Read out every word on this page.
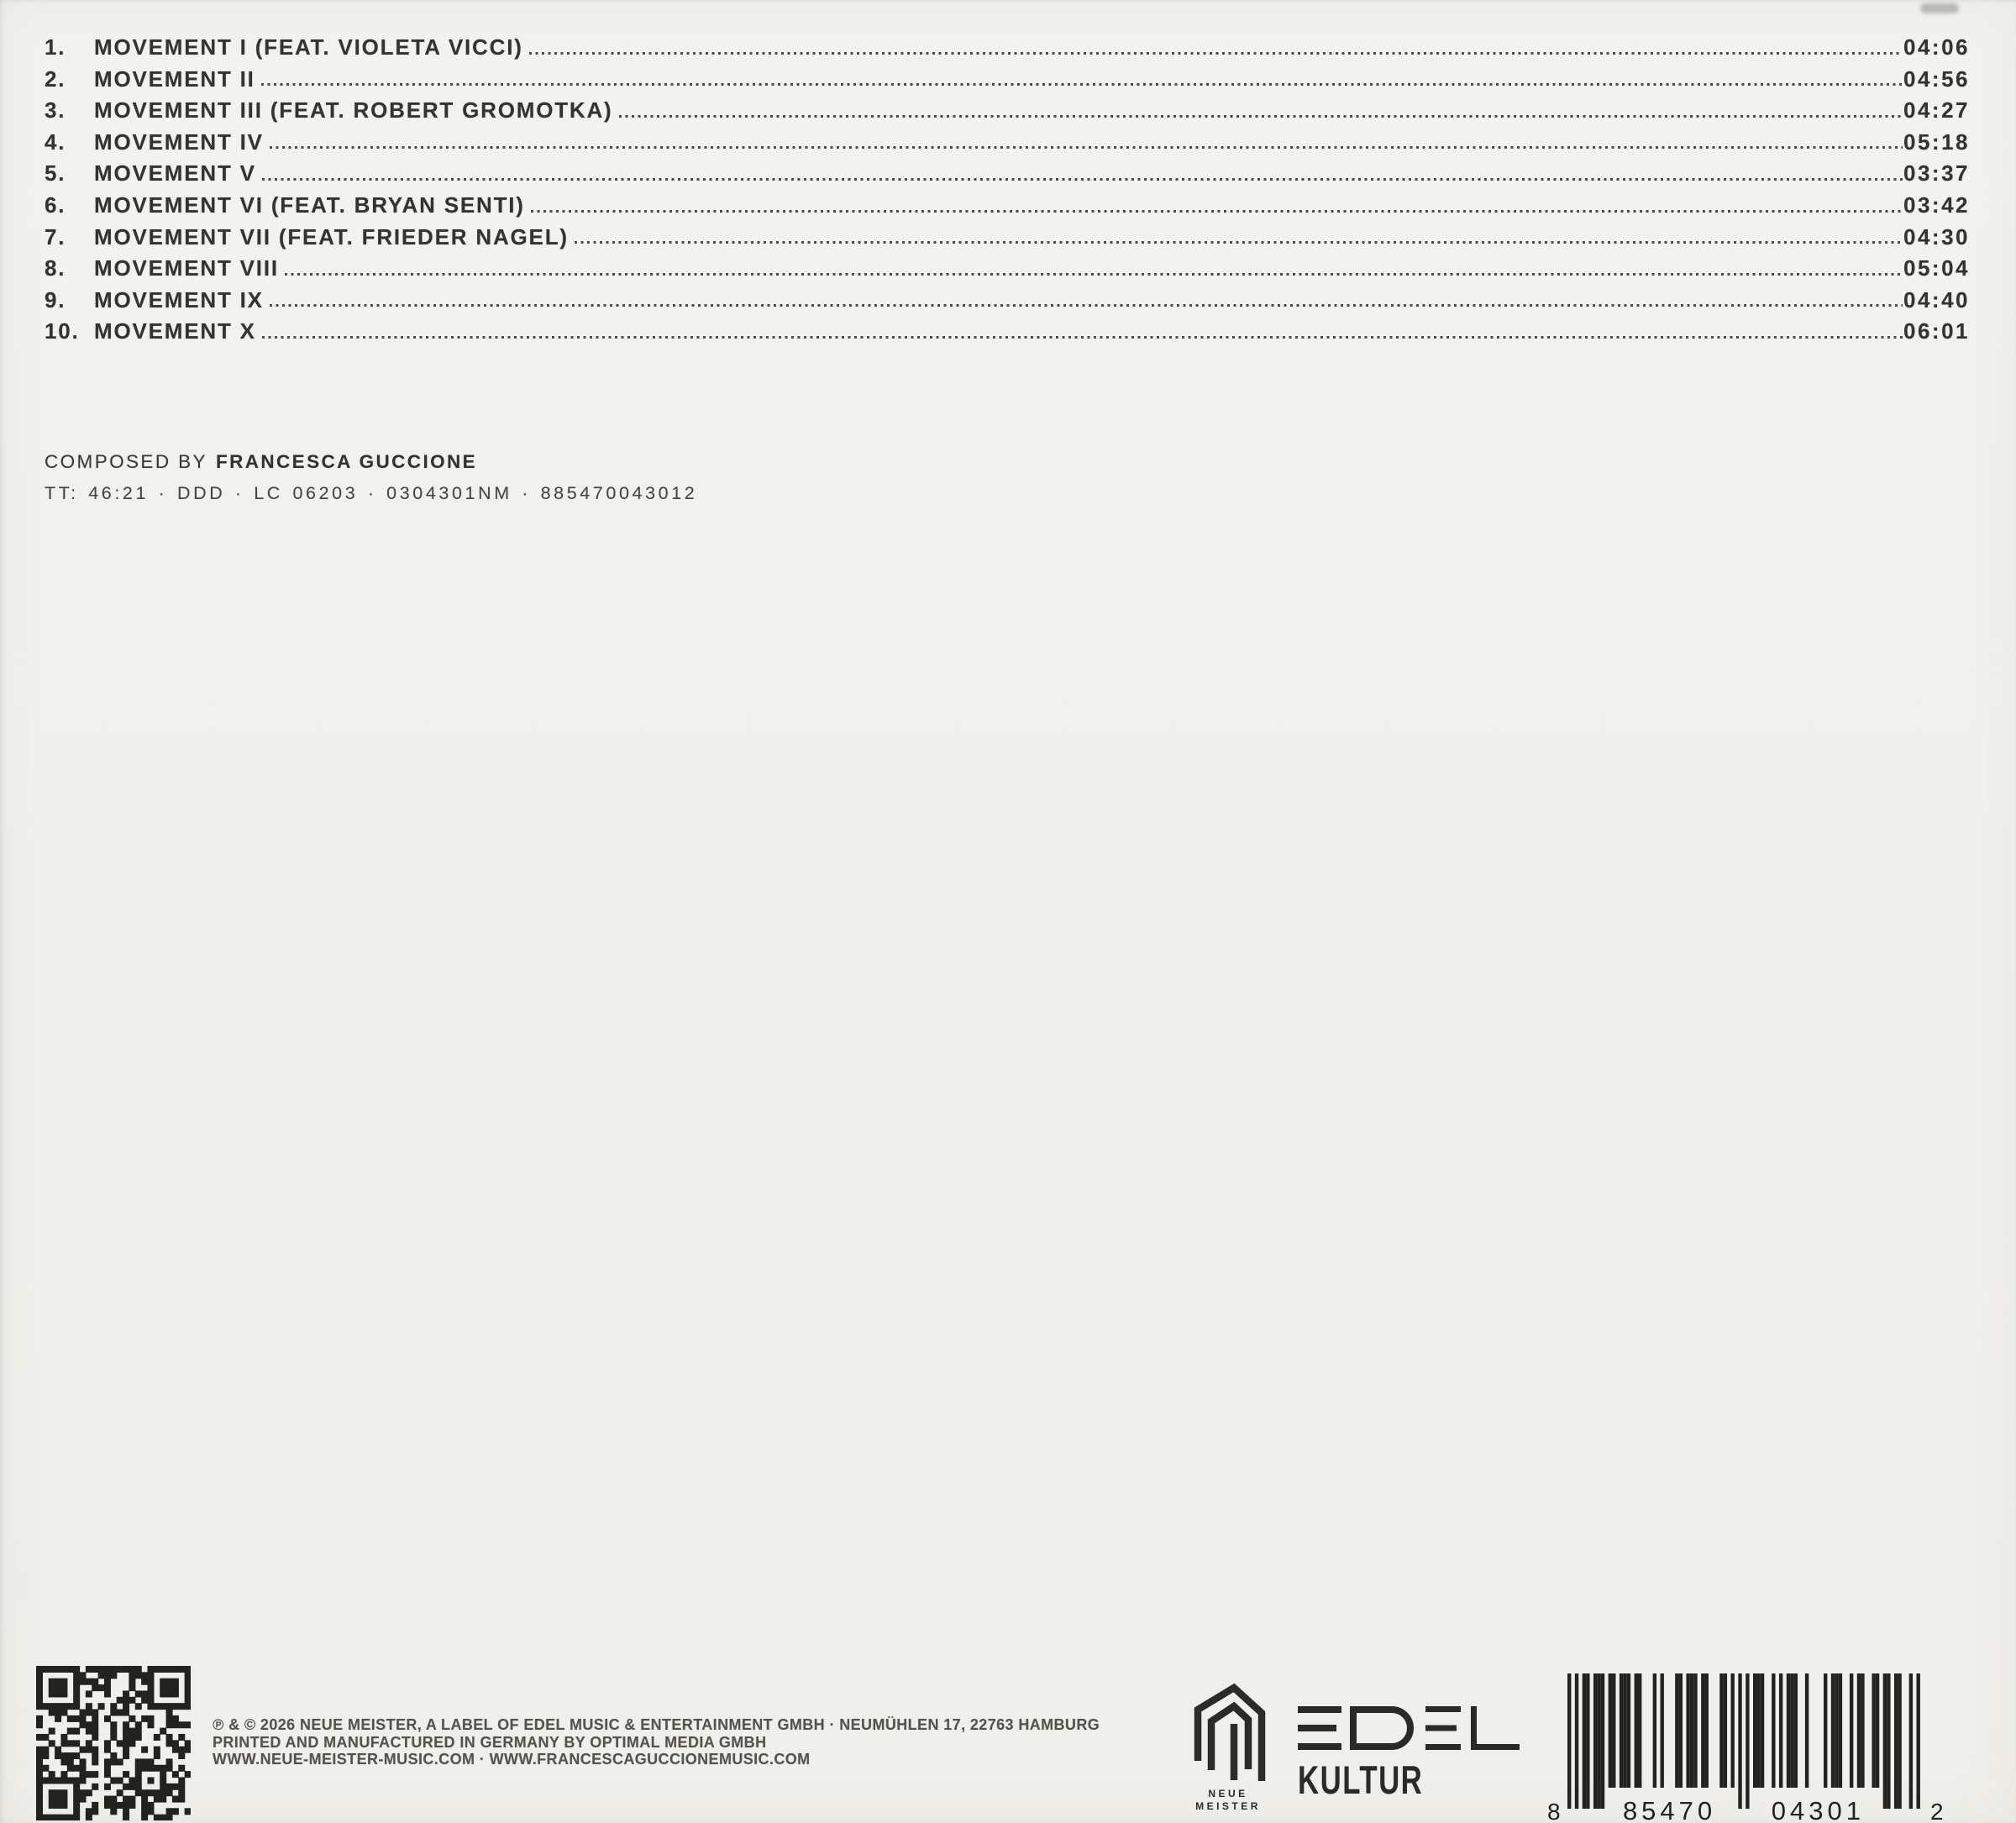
1.	MOVEMENT I (FEAT. VIOLETA VICCI)	04:06
2.	MOVEMENT II	04:56
3.	MOVEMENT III (FEAT. ROBERT GROMOTKA)	04:27
4.	MOVEMENT IV	05:18
5.	MOVEMENT V	03:37
6.	MOVEMENT VI (FEAT. BRYAN SENTI)	03:42
7.	MOVEMENT VII (FEAT. FRIEDER NAGEL)	04:30
8.	MOVEMENT VIII	05:04
9.	MOVEMENT IX	04:40
10. MOVEMENT X	06:01
COMPOSED BY FRANCESCA GUCCIONE
TT: 46:21 · DDD · LC 06203 · 0304301NM · 885470043012
℗ & © 2026 NEUE MEISTER, A LABEL OF EDEL MUSIC & ENTERTAINMENT GMBH · NEUMÜHLEN 17, 22763 HAMBURG
PRINTED AND MANUFACTURED IN GERMANY BY OPTIMAL MEDIA GMBH
WWW.NEUE-MEISTER-MUSIC.COM · WWW.FRANCESCAGUCCIONEMUSIC.COM
NEUE
MEISTER
KULTUR
8 85470 04301	2
